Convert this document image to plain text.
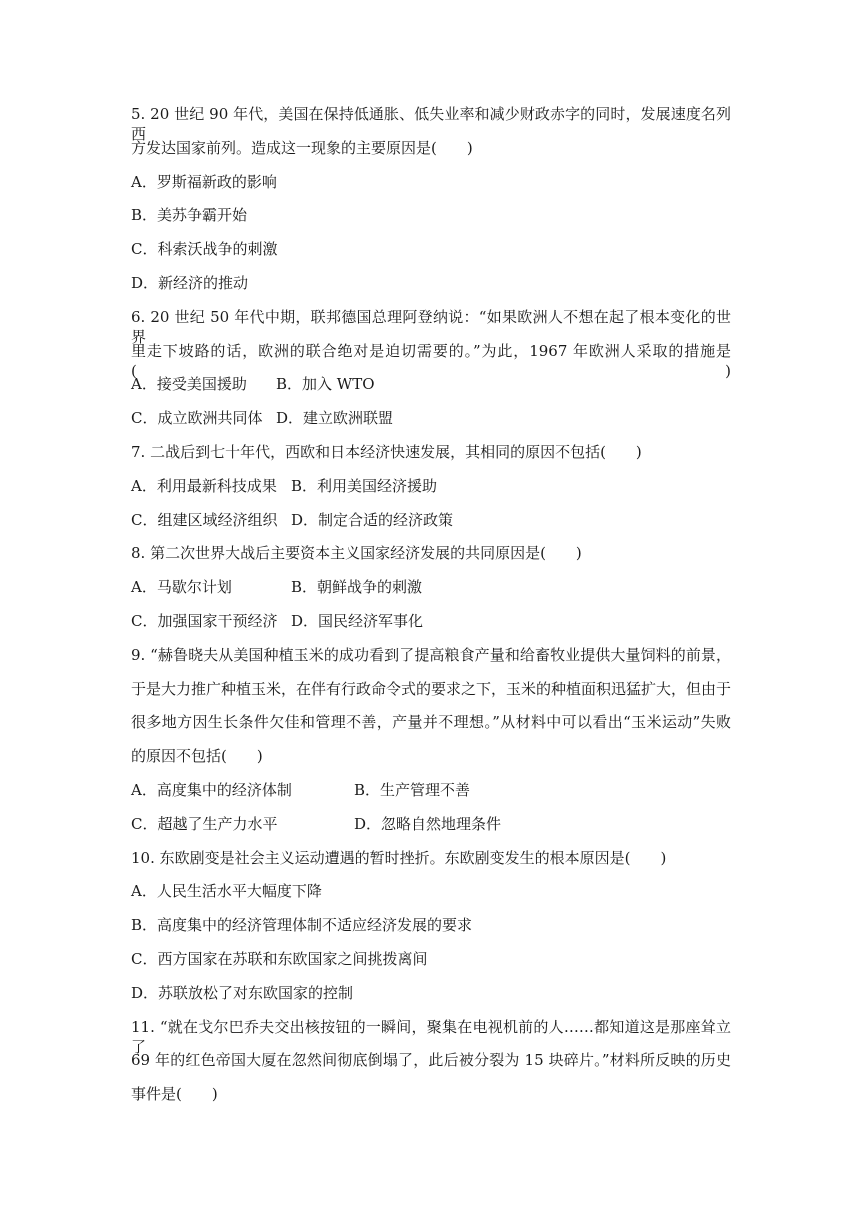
5. 20 世纪 90 年代，美国在保持低通胀、低失业率和减少财政赤字的同时，发展速度名列西
方发达国家前列。造成这一现象的主要原因是(　　)
A．罗斯福新政的影响
B．美苏争霸开始
C．科索沃战争的刺激
D．新经济的推动
6. 20 世纪 50 年代中期，联邦德国总理阿登纳说：“如果欧洲人不想在起了根本变化的世界
里走下坡路的话，欧洲的联合绝对是迫切需要的。”为此，1967 年欧洲人采取的措施是(　　)
A．接受美国援助 B．加入 WTO
C．成立欧洲共同体 D．建立欧洲联盟
7. 二战后到七十年代，西欧和日本经济快速发展，其相同的原因不包括(　　)
A．利用最新科技成果 B．利用美国经济援助
C．组建区域经济组织 D．制定合适的经济政策
8. 第二次世界大战后主要资本主义国家经济发展的共同原因是(　　)
A．马歇尔计划	B．朝鲜战争的刺激
C．加强国家干预经济 D．国民经济军事化
9. “赫鲁晓夫从美国种植玉米的成功看到了提高粮食产量和给畜牧业提供大量饲料的前景，
于是大力推广种植玉米，在伴有行政命令式的要求之下，玉米的种植面积迅猛扩大，但由于
很多地方因生长条件欠佳和管理不善，产量并不理想。”从材料中可以看出“玉米运动”失败
的原因不包括(　　)
A．高度集中的经济体制	B．生产管理不善
C．超越了生产力水平	D．忽略自然地理条件
10. 东欧剧变是社会主义运动遭遇的暂时挫折。东欧剧变发生的根本原因是(　　)
A．人民生活水平大幅度下降
B．高度集中的经济管理体制不适应经济发展的要求
C．西方国家在苏联和东欧国家之间挑拨离间
D．苏联放松了对东欧国家的控制
11. “就在戈尔巴乔夫交出核按钮的一瞬间，聚集在电视机前的人……都知道这是那座耸立了
69 年的红色帝国大厦在忽然间彻底倒塌了，此后被分裂为 15 块碎片。”材料所反映的历史
事件是(　　)
